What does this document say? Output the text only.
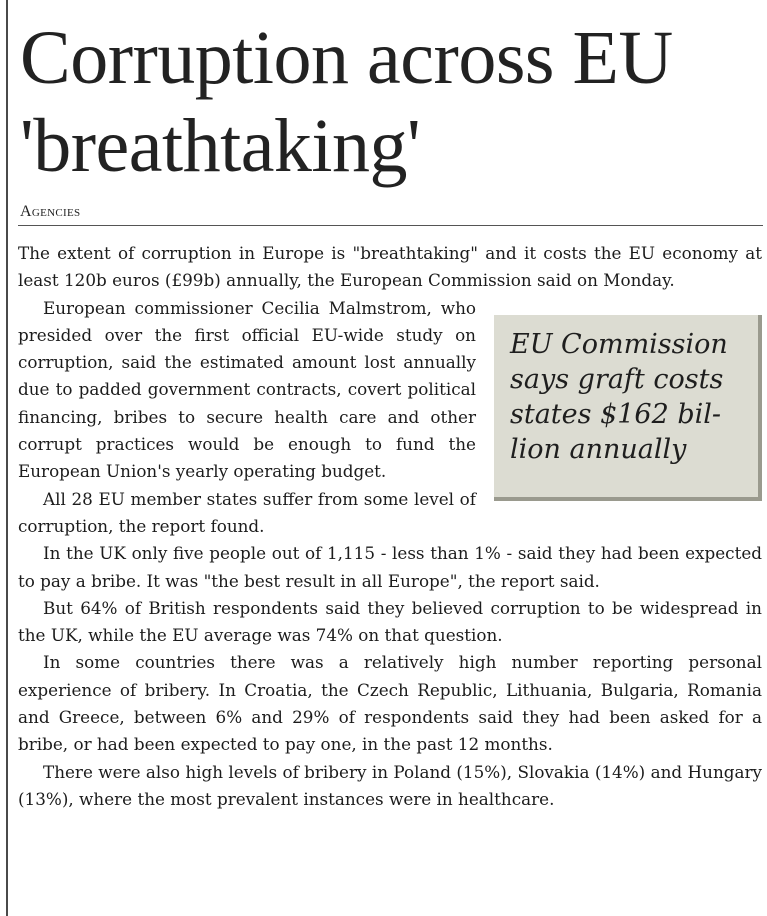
Corruption across EU 'breathtaking'
Agencies

The extent of corruption in Europe is "breathtaking" and it costs the EU economy at least 120b euros (£99b) annually, the European Commission said on Monday.

EU Commission says graft costs states $162 bil-lion annually
European commissioner Cecilia Malmstrom, who presided over the first official EU-wide study on corruption, said the estimated amount lost annually due to padded government contracts, covert political financing, bribes to secure health care and other corrupt practices would be enough to fund the European Union's yearly operating budget.

All 28 EU member states suffer from some level of corruption, the report found.

In the UK only five people out of 1,115 - less than 1% - said they had been expected to pay a bribe. It was "the best result in all Europe", the report said.

But 64% of British respondents said they believed corruption to be widespread in the UK, while the EU average was 74% on that question.

In some countries there was a relatively high number reporting personal experience of bribery. In Croatia, the Czech Republic, Lithuania, Bulgaria, Romania and Greece, between 6% and 29% of respondents said they had been asked for a bribe, or had been expected to pay one, in the past 12 months.

There were also high levels of bribery in Poland (15%), Slovakia (14%) and Hungary (13%), where the most prevalent instances were in healthcare.
